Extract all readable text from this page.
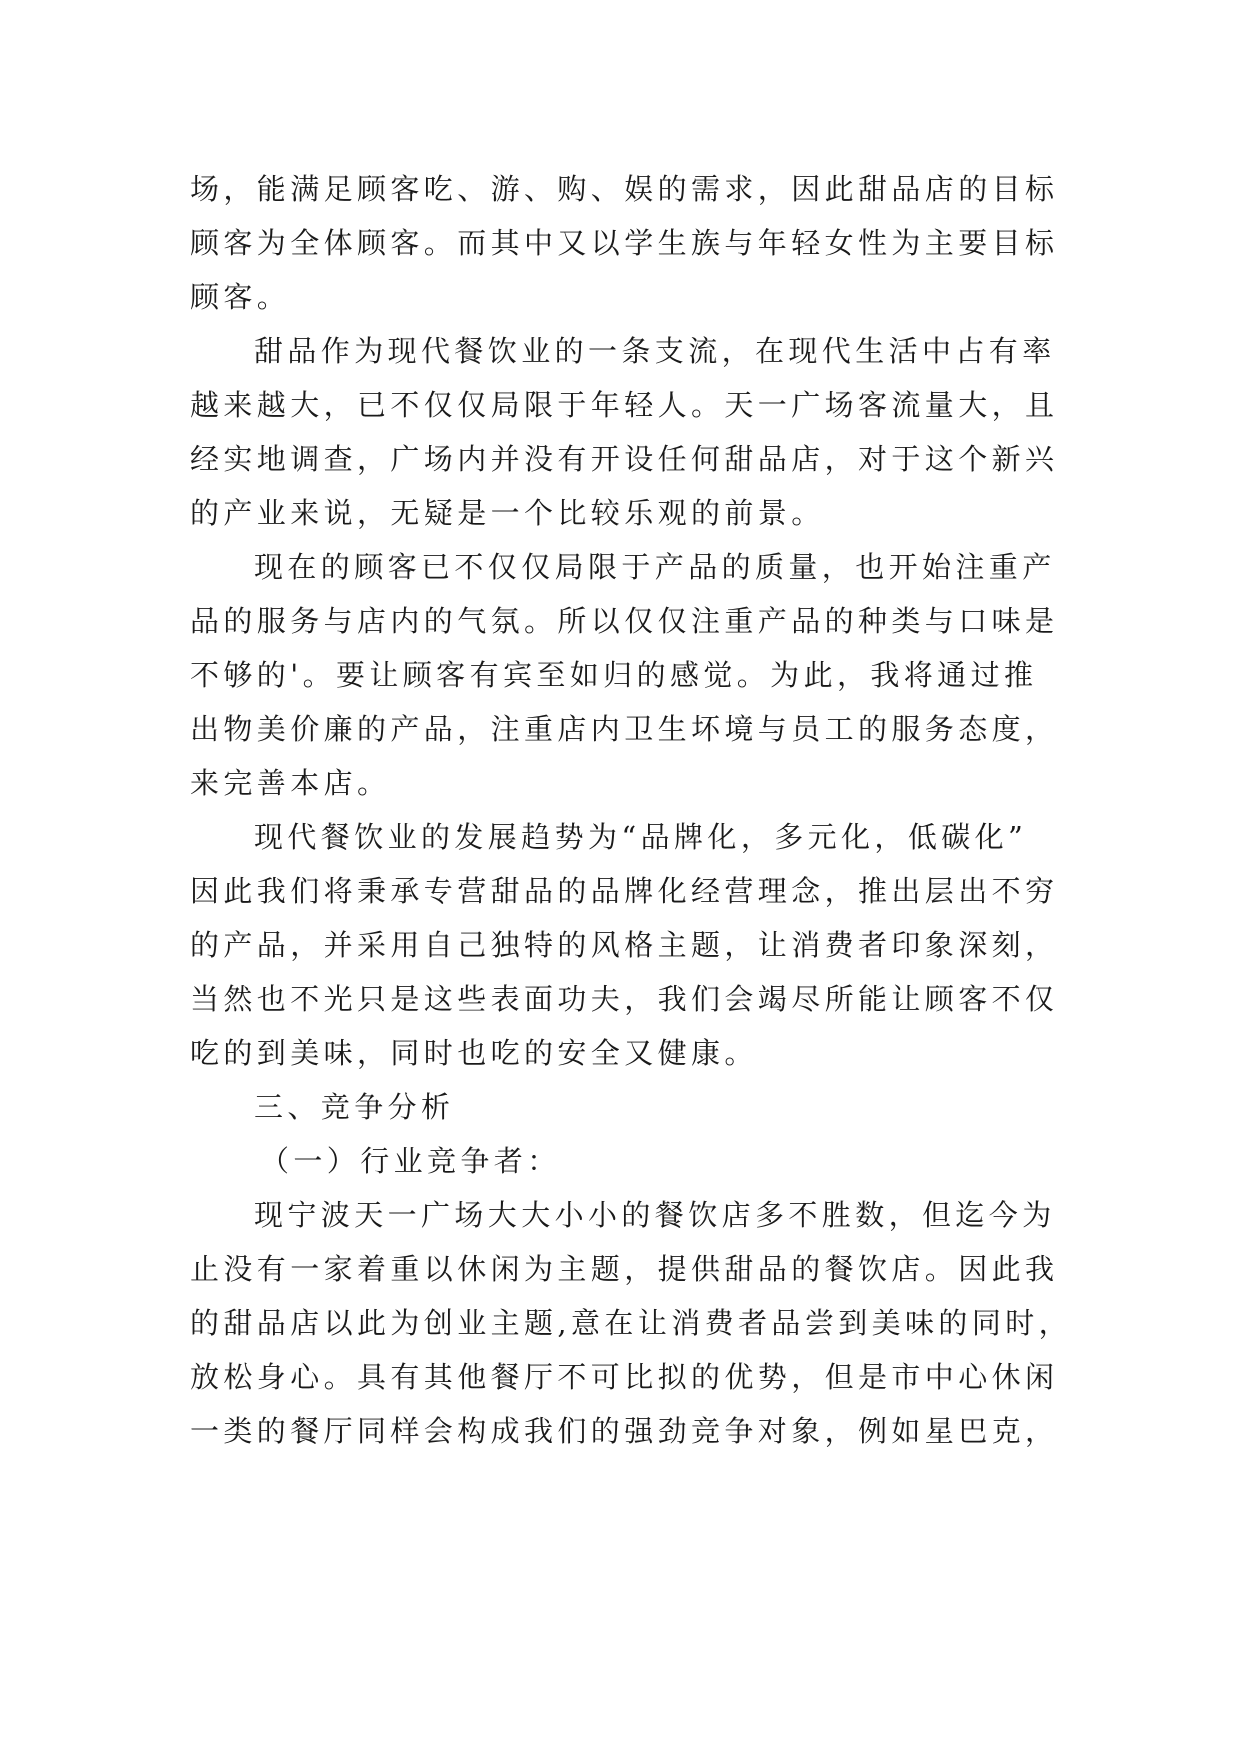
场，能满足顾客吃、游、购、娱的需求，因此甜品店的目标
顾客为全体顾客。而其中又以学生族与年轻女性为主要目标
顾客。
甜品作为现代餐饮业的一条支流，在现代生活中占有率
越来越大，已不仅仅局限于年轻人。天一广场客流量大，且
经实地调查，广场内并没有开设任何甜品店，对于这个新兴
的产业来说，无疑是一个比较乐观的前景。
现在的顾客已不仅仅局限于产品的质量，也开始注重产
品的服务与店内的气氛。所以仅仅注重产品的种类与口味是
不够的'。要让顾客有宾至如归的感觉。为此，我将通过推
出物美价廉的产品，注重店内卫生坏境与员工的服务态度，
来完善本店。
现代餐饮业的发展趋势为“品牌化，多元化，低碳化”
因此我们将秉承专营甜品的品牌化经营理念，推出层出不穷
的产品，并采用自己独特的风格主题，让消费者印象深刻，
当然也不光只是这些表面功夫，我们会竭尽所能让顾客不仅
吃的到美味，同时也吃的安全又健康。
三、竞争分析
（一）行业竞争者：
现宁波天一广场大大小小的餐饮店多不胜数，但迄今为
止没有一家着重以休闲为主题，提供甜品的餐饮店。因此我
的甜品店以此为创业主题,意在让消费者品尝到美味的同时，
放松身心。具有其他餐厅不可比拟的优势，但是市中心休闲
一类的餐厅同样会构成我们的强劲竞争对象，例如星巴克，
